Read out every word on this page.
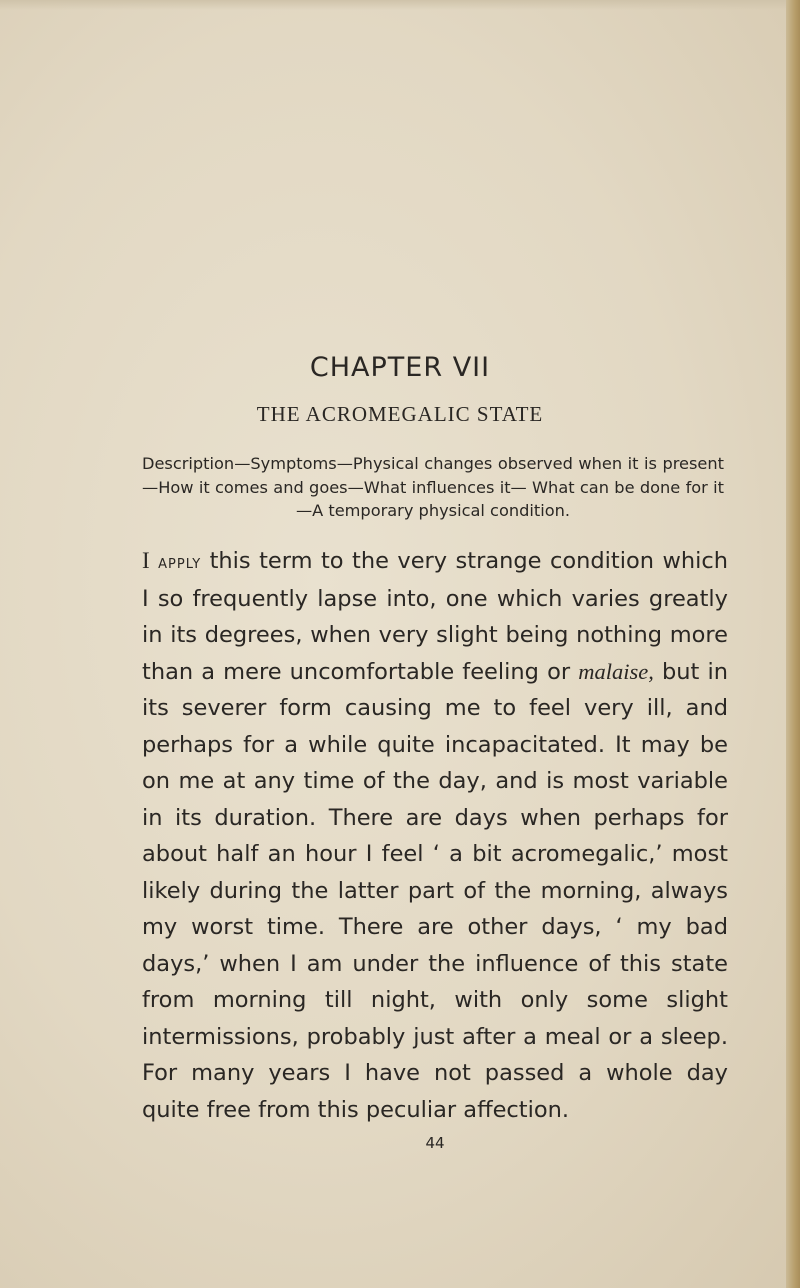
CHAPTER VII
THE ACROMEGALIC STATE
Description—Symptoms—Physical changes observed when it is present—How it comes and goes—What influences it— What can be done for it—A temporary physical condition.
I apply this term to the very strange condition which I so frequently lapse into, one which varies greatly in its degrees, when very slight being nothing more than a mere uncomfortable feeling or malaise, but in its severer form causing me to feel very ill, and perhaps for a while quite incapacitated. It may be on me at any time of the day, and is most variable in its duration. There are days when perhaps for about half an hour I feel ‘ a bit acromegalic,’ most likely during the latter part of the morning, always my worst time. There are other days, ‘ my bad days,’ when I am under the influence of this state from morning till night, with only some slight intermissions, probably just after a meal or a sleep. For many years I have not passed a whole day quite free from this peculiar affection.
44
